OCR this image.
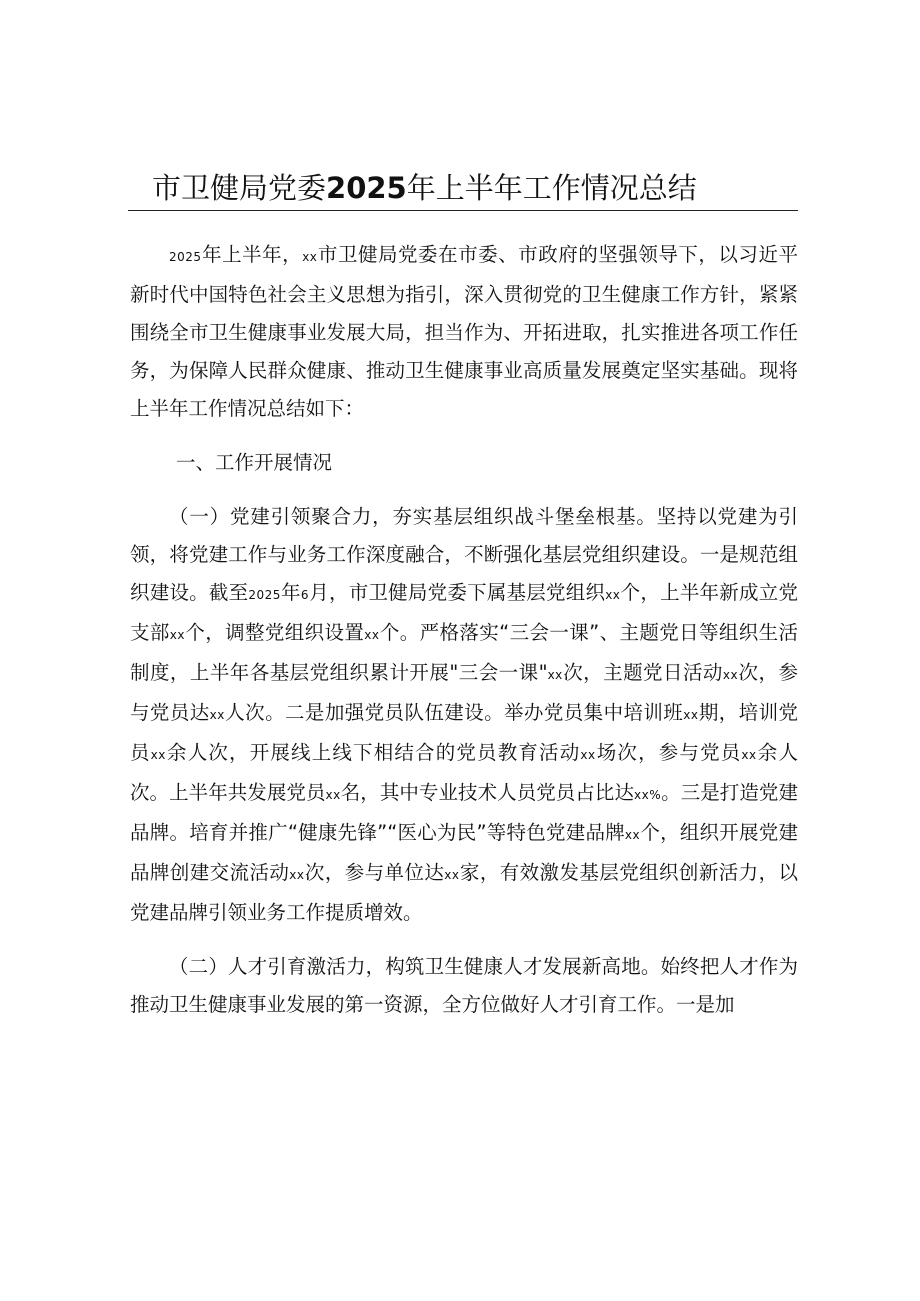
市卫健局党委2025年上半年工作情况总结

2025年上半年，xx市卫健局党委在市委、市政府的坚强领导下，以习近平新时代中国特色社会主义思想为指引，深入贯彻党的卫生健康工作方针，紧紧围绕全市卫生健康事业发展大局，担当作为、开拓进取，扎实推进各项工作任务，为保障人民群众健康、推动卫生健康事业高质量发展奠定坚实基础。现将上半年工作情况总结如下：

一、工作开展情况

（一）党建引领聚合力，夯实基层组织战斗堡垒根基。坚持以党建为引领，将党建工作与业务工作深度融合，不断强化基层党组织建设。一是规范组织建设。截至2025年6月，市卫健局党委下属基层党组织xx个，上半年新成立党支部xx个，调整党组织设置xx个。严格落实“三会一课”、主题党日等组织生活制度，上半年各基层党组织累计开展"三会一课"xx次，主题党日活动xx次，参与党员达xx人次。二是加强党员队伍建设。举办党员集中培训班xx期，培训党员xx余人次，开展线上线下相结合的党员教育活动xx场次，参与党员xx余人次。上半年共发展党员xx名，其中专业技术人员党员占比达xx%。三是打造党建品牌。培育并推广“健康先锋”“医心为民”等特色党建品牌xx个，组织开展党建品牌创建交流活动xx次，参与单位达xx家，有效激发基层党组织创新活力，以党建品牌引领业务工作提质增效。

（二）人才引育激活力，构筑卫生健康人才发展新高地。始终把人才作为推动卫生健康事业发展的第一资源，全方位做好人才引育工作。一是加
